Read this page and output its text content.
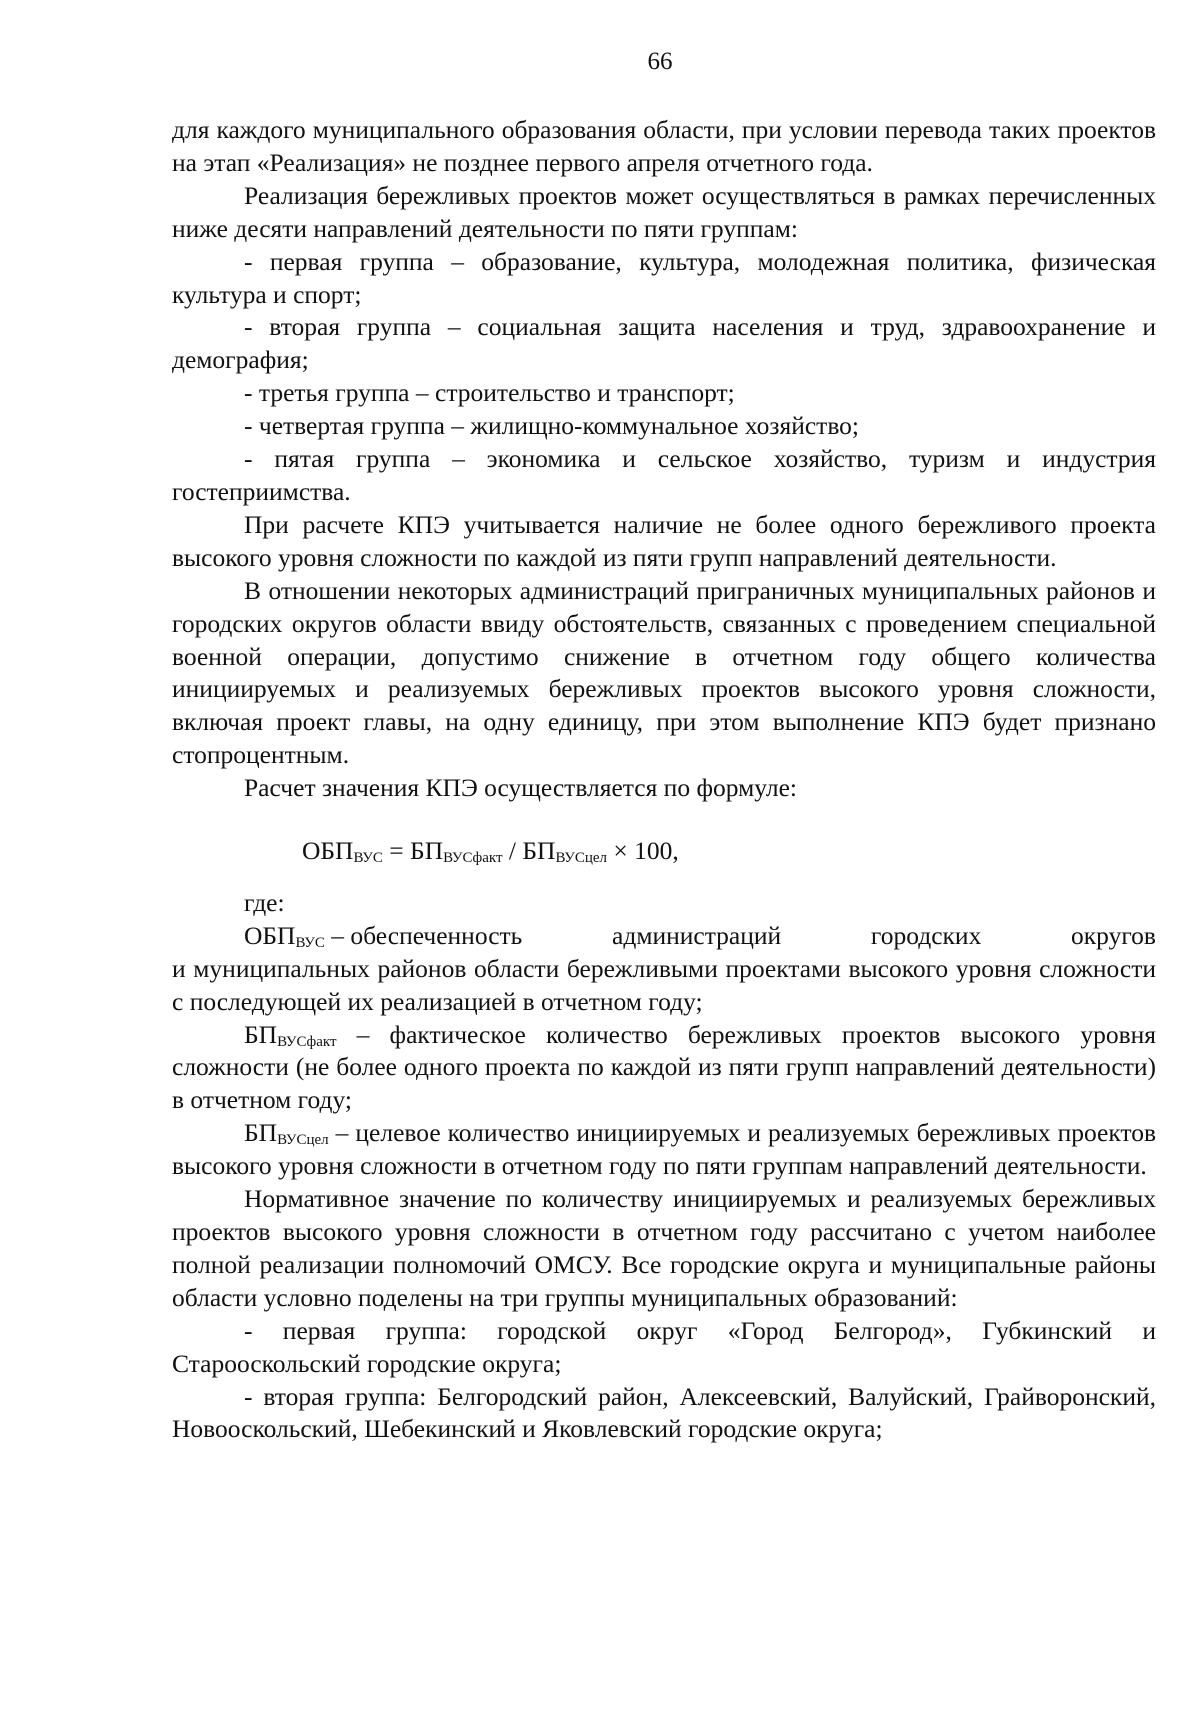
66

для каждого муниципального образования области, при условии перевода таких проектов на этап «Реализация» не позднее первого апреля отчетного года.

Реализация бережливых проектов может осуществляться в рамках перечисленных ниже десяти направлений деятельности по пяти группам:

- первая группа – образование, культура, молодежная политика, физическая культура и спорт;

- вторая группа – социальная защита населения и труд, здравоохранение и демография;

- третья группа – строительство и транспорт;

- четвертая группа – жилищно-коммунальное хозяйство;

- пятая группа – экономика и сельское хозяйство, туризм и индустрия гостеприимства.

При расчете КПЭ учитывается наличие не более одного бережливого проекта высокого уровня сложности по каждой из пяти групп направлений деятельности.

В отношении некоторых администраций приграничных муниципальных районов и городских округов области ввиду обстоятельств, связанных с проведением специальной военной операции, допустимо снижение в отчетном году общего количества инициируемых и реализуемых бережливых проектов высокого уровня сложности, включая проект главы, на одну единицу, при этом выполнение КПЭ будет признано стопроцентным.

Расчет значения КПЭ осуществляется по формуле:

$ОБП_{ВУС} = БП_{ВУСфакт} / БП_{ВУСцел} \times 100$,

где:

$ОБП_{ВУС}$ – обеспеченность	администраций	городских	округов

и муниципальных районов области бережливыми проектами высокого уровня сложности с последующей их реализацией в отчетном году;

$БП_{ВУСфакт}$ – фактическое количество бережливых проектов высокого уровня сложности (не более одного проекта по каждой из пяти групп направлений деятельности) в отчетном году;

$БП_{ВУСцел}$ – целевое количество инициируемых и реализуемых бережливых проектов высокого уровня сложности в отчетном году по пяти группам направлений деятельности.

Нормативное значение по количеству инициируемых и реализуемых бережливых проектов высокого уровня сложности в отчетном году рассчитано с учетом наиболее полной реализации полномочий ОМСУ. Все городские округа и муниципальные районы области условно поделены на три группы муниципальных образований:

- первая группа: городской округ «Город Белгород», Губкинский и Старооскольский городские округа;

- вторая группа: Белгородский район, Алексеевский, Валуйский, Грайворонский, Новооскольский, Шебекинский и Яковлевский городские округа;
